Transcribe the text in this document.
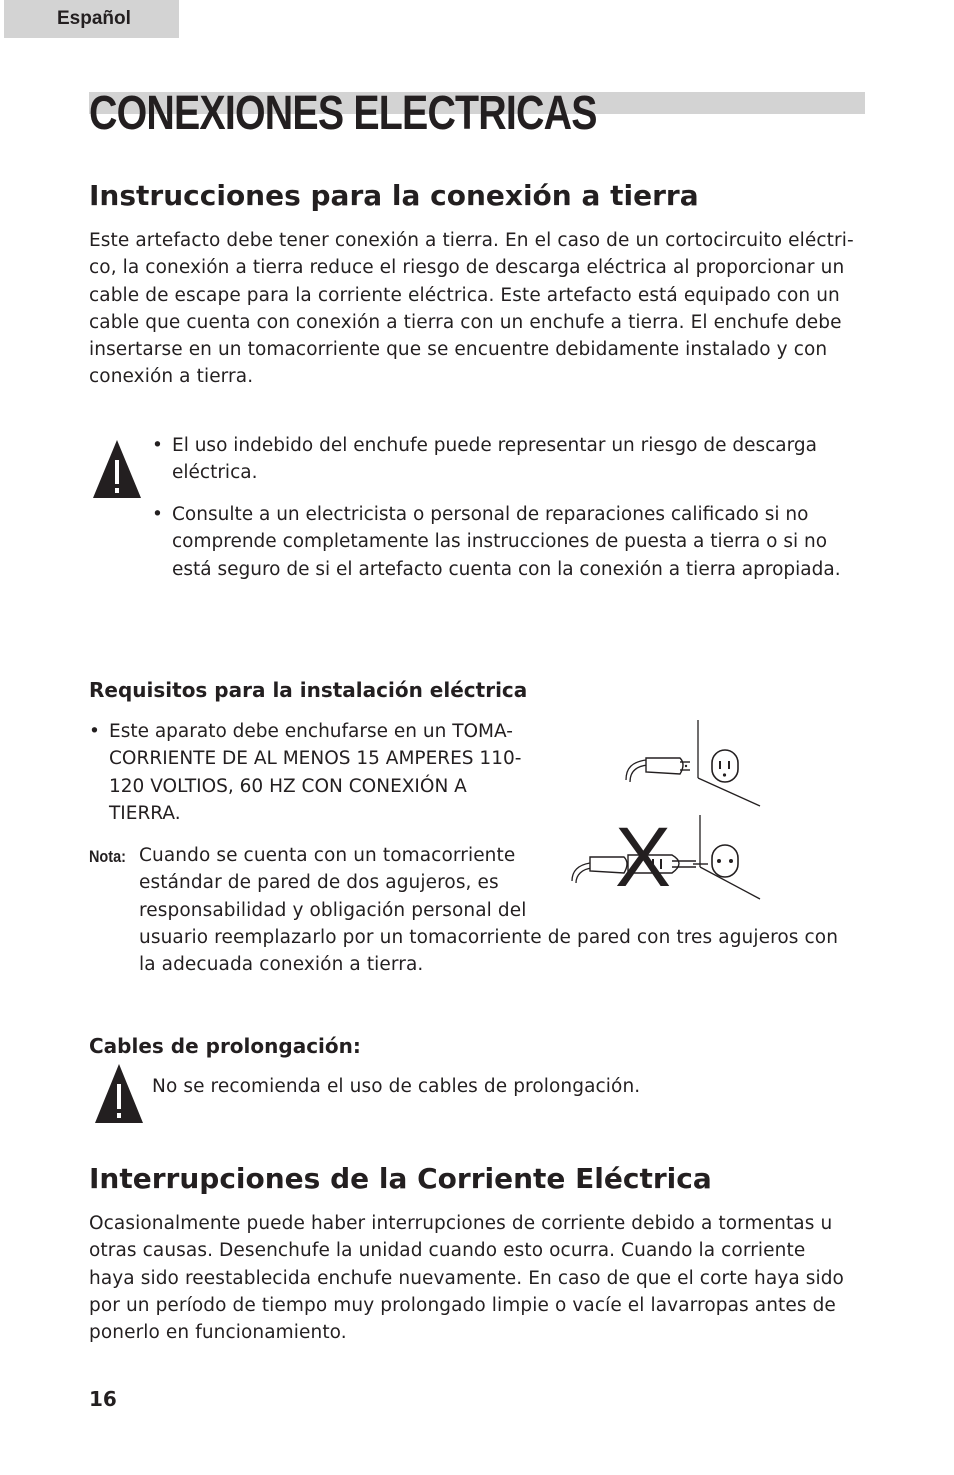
Español
CONEXIONES ELECTRICAS
Instrucciones para la conexión a tierra
Este artefacto debe tener conexión a tierra. En el caso de un cortocircuito eléctri-
co, la conexión a tierra reduce el riesgo de descarga eléctrica al proporcionar un
cable de escape para la corriente eléctrica. Este artefacto está equipado con un
cable que cuenta con conexión a tierra con un enchufe a tierra. El enchufe debe
insertarse en un tomacorriente que se encuentre debidamente instalado y con
conexión a tierra.
• El uso indebido del enchufe puede representar un riesgo de descarga
eléctrica.
• Consulte a un electricista o personal de reparaciones calificado si no
comprende completamente las instrucciones de puesta a tierra o si no
está seguro de si el artefacto cuenta con la conexión a tierra apropiada.
Requisitos para la instalación eléctrica
• Este aparato debe enchufarse en un TOMA-
CORRIENTE DE AL MENOS 15 AMPERES 110-
120 VOLTIOS, 60 HZ CON CONEXIÓN A
TIERRA.
Nota: Cuando se cuenta con un tomacorriente
estándar de pared de dos agujeros, es
responsabilidad y obligación personal del
usuario reemplazarlo por un tomacorriente de pared con tres agujeros con
la adecuada conexión a tierra.
X
Cables de prolongación:
No se recomienda el uso de cables de prolongación.
Interrupciones de la Corriente Eléctrica
Ocasionalmente puede haber interrupciones de corriente debido a tormentas u
otras causas. Desenchufe la unidad cuando esto ocurra. Cuando la corriente
haya sido reestablecida enchufe nuevamente. En caso de que el corte haya sido
por un período de tiempo muy prolongado limpie o vacíe el lavarropas antes de
ponerlo en funcionamiento.
16
